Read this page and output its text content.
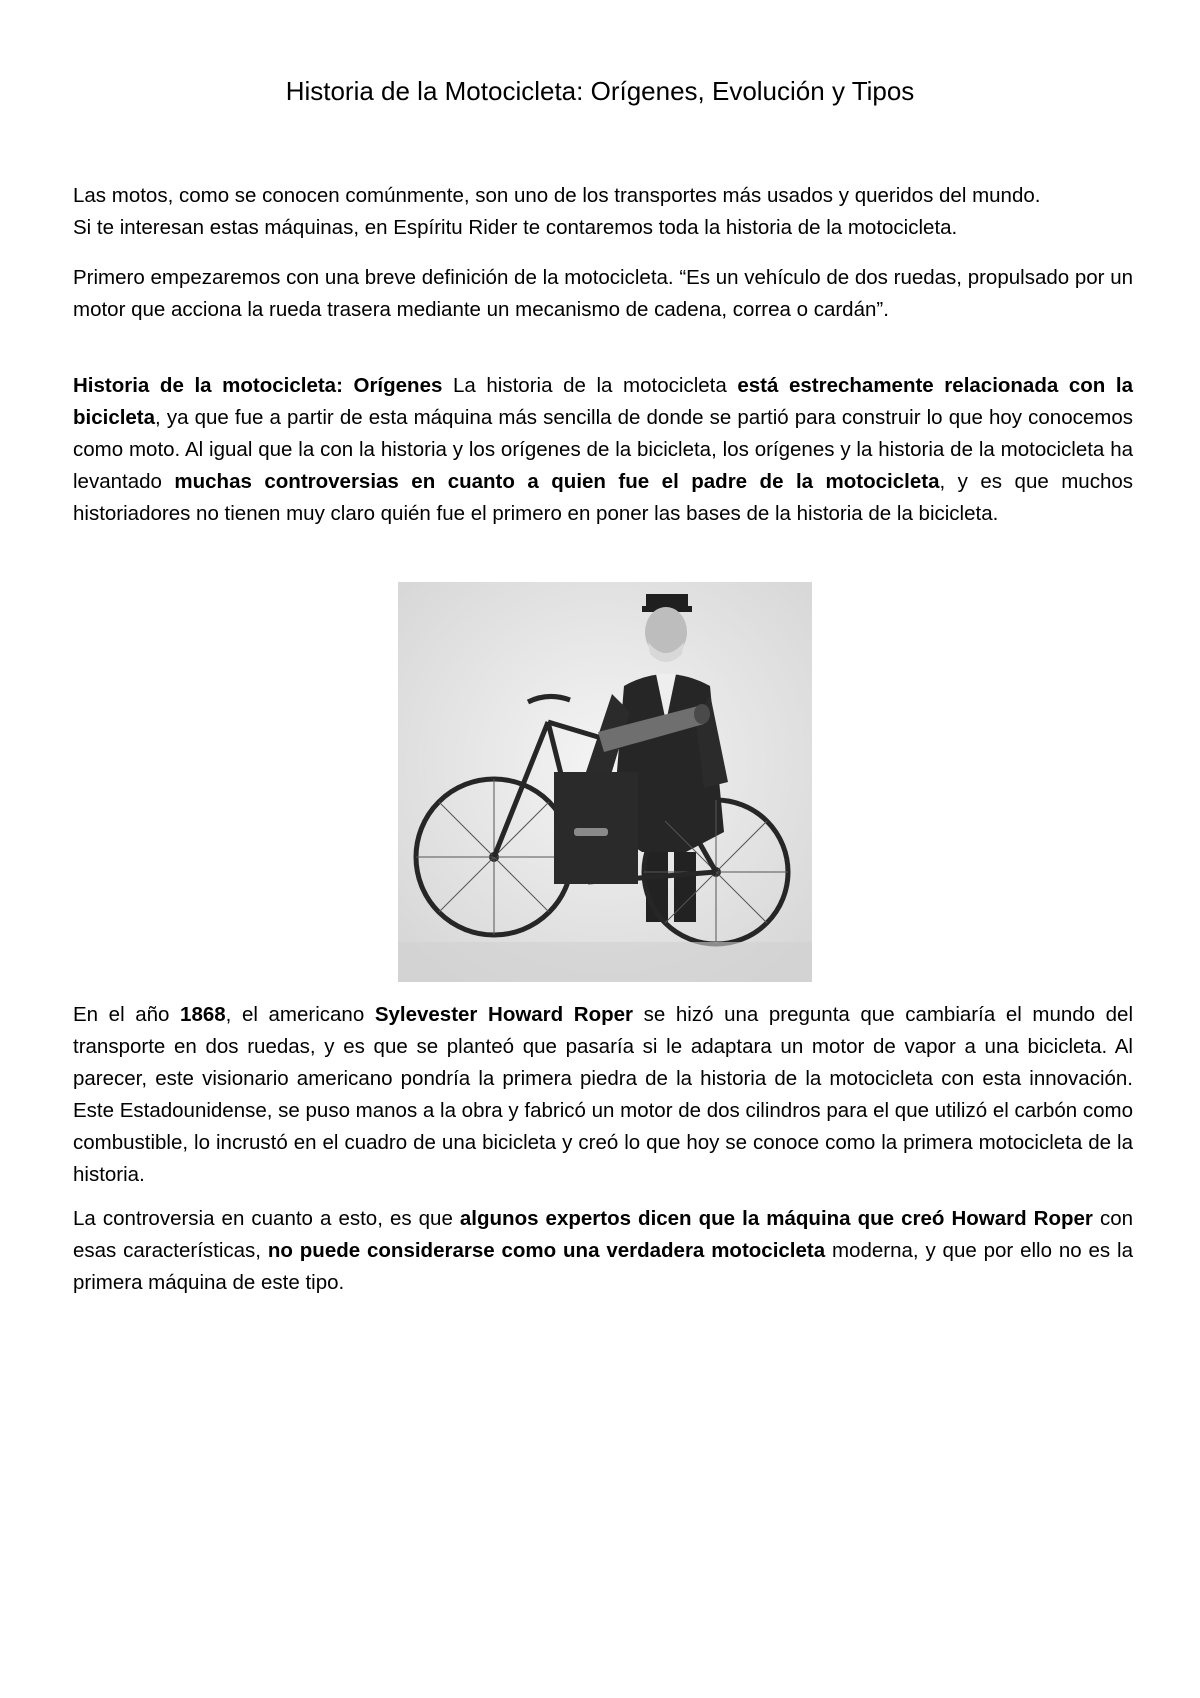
Historia de la Motocicleta: Orígenes, Evolución y Tipos

Las motos, como se conocen comúnmente, son uno de los transportes más usados y queridos del mundo.
Si te interesan estas máquinas, en Espíritu Rider te contaremos toda la historia de la motocicleta.

Primero empezaremos con una breve definición de la motocicleta. “Es un vehículo de dos ruedas, propulsado por un motor que acciona la rueda trasera mediante un mecanismo de cadena, correa o cardán”.

Historia de la motocicleta: Orígenes La historia de la motocicleta está estrechamente relacionada con la bicicleta, ya que fue a partir de esta máquina más sencilla de donde se partió para construir lo que hoy conocemos como moto. Al igual que la con la historia y los orígenes de la bicicleta, los orígenes y la historia de la motocicleta ha levantado muchas controversias en cuanto a quien fue el padre de la motocicleta, y es que muchos historiadores no tienen muy claro quién fue el primero en poner las bases de la historia de la bicicleta.

En el año 1868, el americano Sylevester Howard Roper se hizó una pregunta que cambiaría el mundo del transporte en dos ruedas, y es que se planteó que pasaría si le adaptara un motor de vapor a una bicicleta. Al parecer, este visionario americano pondría la primera piedra de la historia de la motocicleta con esta innovación. Este Estadounidense, se puso manos a la obra y fabricó un motor de dos cilindros para el que utilizó el carbón como combustible, lo incrustó en el cuadro de una bicicleta y creó lo que hoy se conoce como la primera motocicleta de la historia.

La controversia en cuanto a esto, es que algunos expertos dicen que la máquina que creó Howard Roper con esas características, no puede considerarse como una verdadera motocicleta moderna, y que por ello no es la primera máquina de este tipo.
